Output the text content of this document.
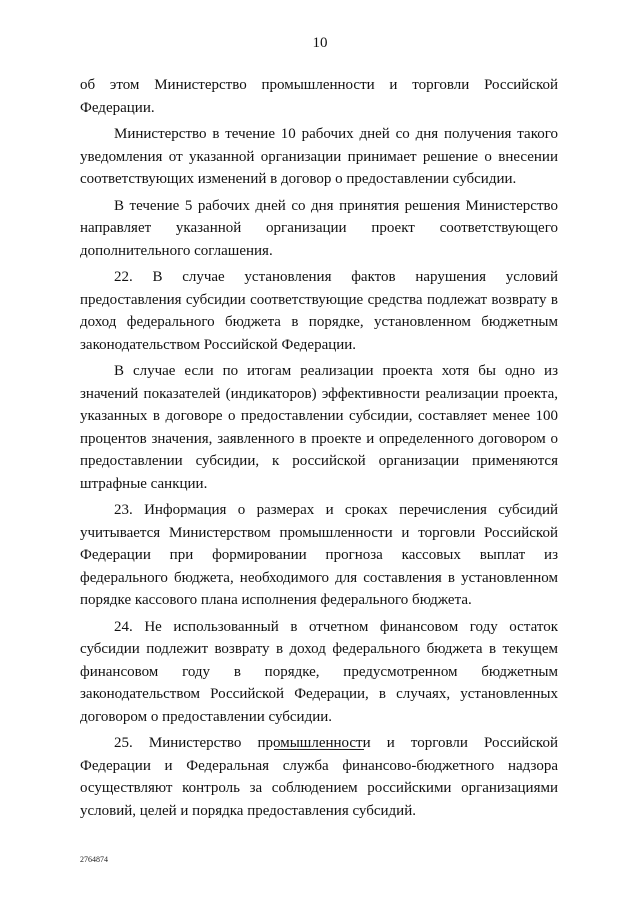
10

об этом Министерство промышленности и торговли Российской Федерации.

Министерство в течение 10 рабочих дней со дня получения такого уведомления от указанной организации принимает решение о внесении соответствующих изменений в договор о предоставлении субсидии.

В течение 5 рабочих дней со дня принятия решения Министерство направляет указанной организации проект соответствующего дополнительного соглашения.

22. В случае установления фактов нарушения условий предоставления субсидии соответствующие средства подлежат возврату в доход федерального бюджета в порядке, установленном бюджетным законодательством Российской Федерации.

В случае если по итогам реализации проекта хотя бы одно из значений показателей (индикаторов) эффективности реализации проекта, указанных в договоре о предоставлении субсидии, составляет менее 100 процентов значения, заявленного в проекте и определенного договором о предоставлении субсидии, к российской организации применяются штрафные санкции.

23. Информация о размерах и сроках перечисления субсидий учитывается Министерством промышленности и торговли Российской Федерации при формировании прогноза кассовых выплат из федерального бюджета, необходимого для составления в установленном порядке кассового плана исполнения федерального бюджета.

24. Не использованный в отчетном финансовом году остаток субсидии подлежит возврату в доход федерального бюджета в текущем финансовом году в порядке, предусмотренном бюджетным законодательством Российской Федерации, в случаях, установленных договором о предоставлении субсидии.

25. Министерство промышленности и торговли Российской Федерации и Федеральная служба финансово-бюджетного надзора осуществляют контроль за соблюдением российскими организациями условий, целей и порядка предоставления субсидий.

2764874
